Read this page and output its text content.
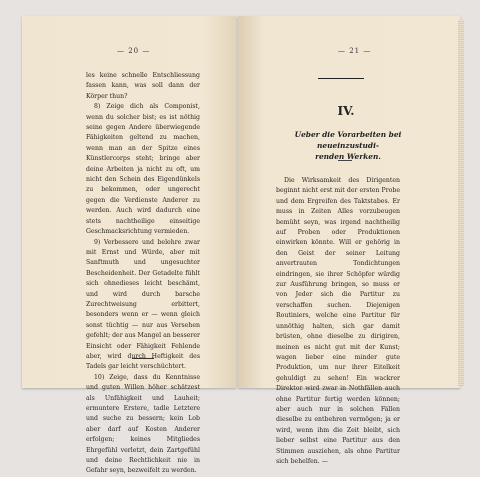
— 20 —

les keine schnelle Entschliessung fassen kann, was soll dann der Körper thun?

8) Zeige dich als Componist, wenn du solcher bist; es ist nöthig seine gegen Andere überwiegende Fähigkeiten geltend zu machen, wenn man an der Spitze eines Künstlercorps steht; bringe aber deine Arbeiten ja nicht zu oft, um nicht den Schein des Eigendünkels zu bekommen, oder ungerecht gegen die Verdienste Anderer zu werden. Auch wird dadurch eine stets nachtheilige einseitige Geschmacksrichtung vermieden.

9) Verbessere und belehre zwar mit Ernst und Würde, aber mit Sanftmuth und ungesuchter Bescheidenheit. Der Getadelte fühlt sich ohnedieses leicht beschämt, und wird durch barsche Zurechtweisung erbittert, besonders wenn er — wenn gleich sonst tüchtig — nur aus Versehen gefehlt; der aus Mangel an besserer Einsicht oder Fähigkeit Fehlende aber, wird durch Heftigkeit des Tadels gar leicht verschüchtert.

10) Zeige, dass du Kenntnisse und guten Willen höher schätzest als Unfähigkeit und Lauheit; ermuntere Erstere, tadle Letztere und suche zu bessern; kein Lob aber darf auf Kosten Anderer erfolgen; keines Mitgliedes Ehrgefühl verletzt, dein Zartgefühl und deine Rechtlichkeit nie in Gefahr seyn, bezweifelt zu werden.

— 21 —
IV.
Ueber die Vorarbeiten bei neueinzustudi-
renden Werken.

Die Wirksamkeit des Dirigenten beginnt nicht erst mit der ersten Probe und dem Ergreifen des Taktstabes. Er muss in Zeiten Alles vorzubeugen bemüht seyn, was irgend nachtheilig auf Proben oder Produktionen einwirken könnte. Will er gehörig in den Geist der seiner Leitung anvertrauten Tondichtungen eindringen, sie ihrer Schöpfer würdig zur Ausführung bringen, so muss er von Jeder sich die Partitur zu verschaffen suchen. Diejenigen Routiniers, welche eine Partitur für unnöthig halten, sich gar damit brüsten, ohne dieselbe zu dirigiren, meinen es nicht gut mit der Kunst; wagen lieber eine minder gute Produktion, um nur ihrer Eitelkeit gehuldigt zu sehen! Ein wackrer Direktor wird zwar in Nothfällen auch ohne Partitur fertig werden können; aber auch nur in solchen Fällen dieselbe zu entbehren vermögen; ja er wird, wenn ihm die Zeit bleibt, sich lieber selbst eine Partitur aus den Stimmen ausziehen, als ohne Partitur sich behelfen. —
